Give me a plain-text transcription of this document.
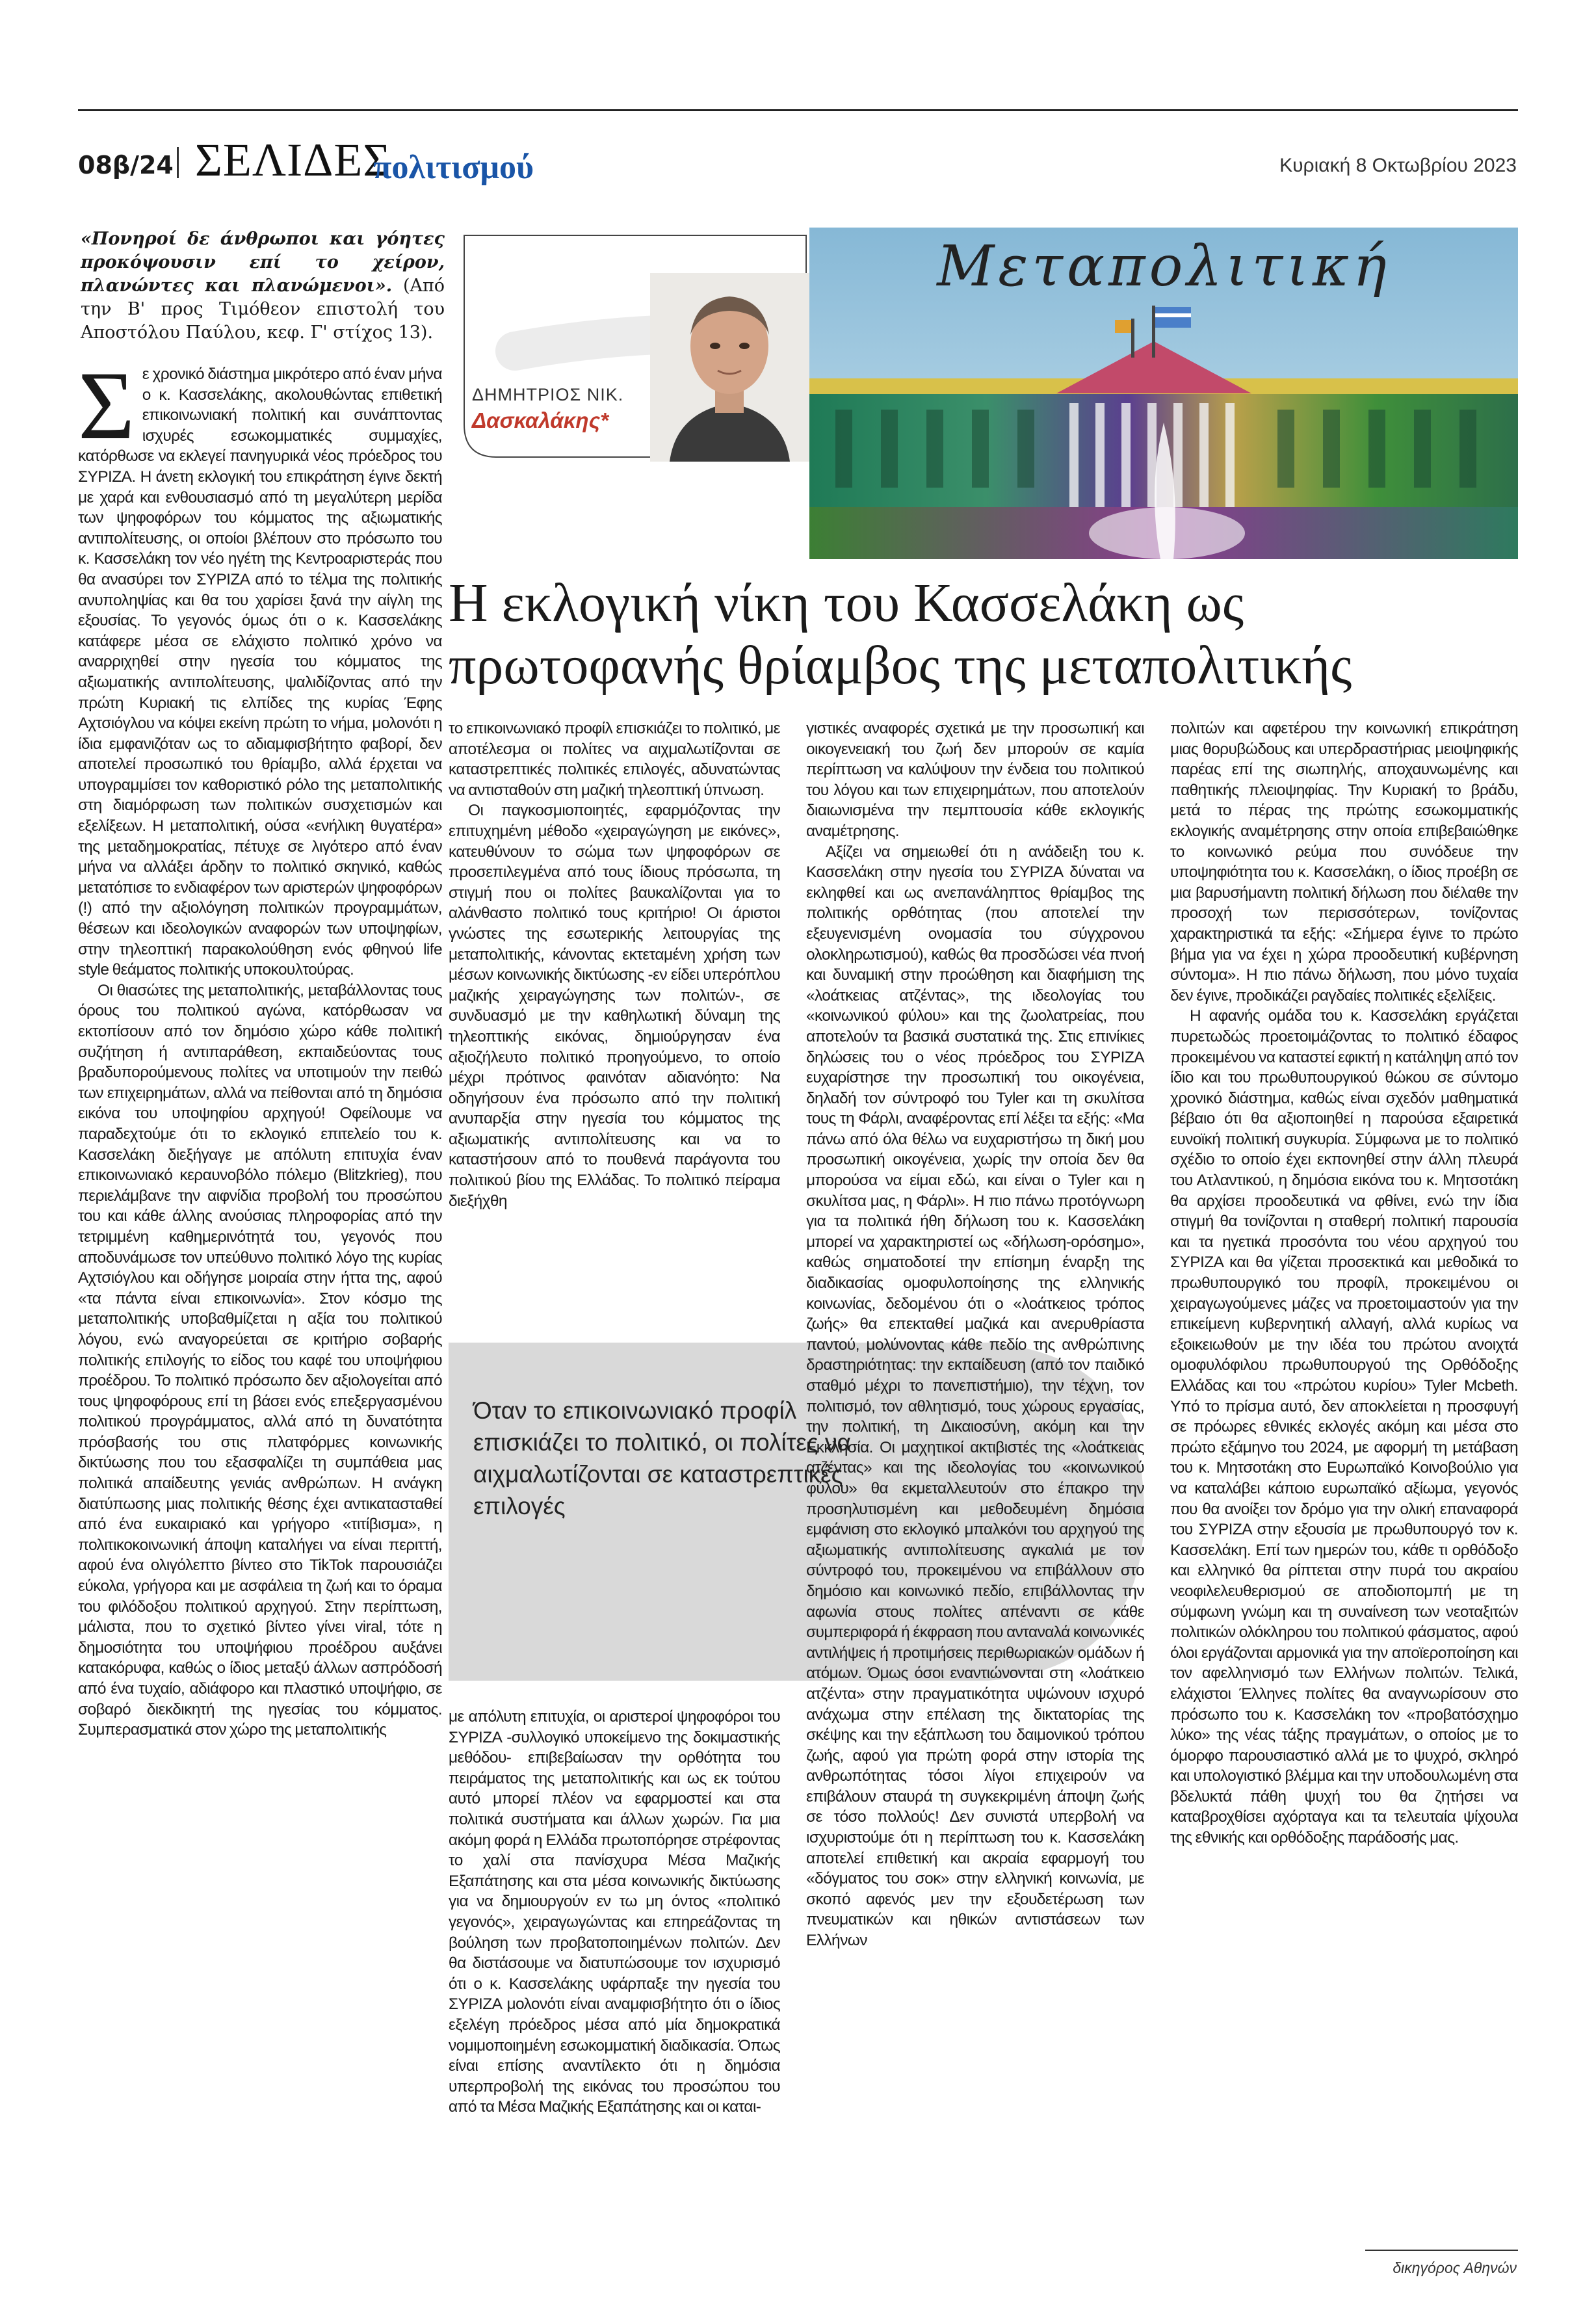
08β/24 ΣΕΛΙΔΕΣ
πολιτισμού	Κυριακή 8 Οκτωβρίου 2023
«Πονηροί δε άνθρωποι και γόητες προκόψουσιν επί το χείρον, πλανώντες και πλανώμενοι». (Από την Β' προς Τιμόθεον επιστολή του Αποστόλου Παύλου, κεφ. Γ' στίχος 13).
ΔΗΜΗΤΡΙΟΣ ΝΙΚ.
Δασκαλάκης*
Μεταπολιτική
Η εκλογική νίκη του Κασσελάκη ως
πρωτοφανής θρίαμβος της μεταπολιτικής

Σε χρονικό διάστημα μικρότερο από έναν μήνα ο κ. Κασσελάκης, ακολουθώντας επιθετική επικοινωνιακή πολιτική και συνάπτοντας ισχυρές εσωκομματικές συμμαχίες, κατόρθωσε να εκλεγεί πανηγυρικά νέος πρόεδρος του ΣΥΡΙΖΑ. Η άνετη εκλογική του επικράτηση έγινε δεκτή με χαρά και ενθουσιασμό από τη μεγαλύτερη μερίδα των ψηφοφόρων του κόμματος της αξιωματικής αντιπολίτευσης, οι οποίοι βλέπουν στο πρόσωπο του κ. Κασσελάκη τον νέο ηγέτη της Κεντροαριστεράς που θα ανασύρει τον ΣΥΡΙΖΑ από το τέλμα της πολιτικής ανυποληψίας και θα του χαρίσει ξανά την αίγλη της εξουσίας. Το γεγονός όμως ότι ο κ. Κασσελάκης κατάφερε μέσα σε ελάχιστο πολιτικό χρόνο να αναρριχηθεί στην ηγεσία του κόμματος της αξιωματικής αντιπολίτευσης, ψαλιδίζοντας από την πρώτη Κυριακή τις ελπίδες της κυρίας Έφης Αχτσιόγλου να κόψει εκείνη πρώτη το νήμα, μολονότι η ίδια εμφανιζόταν ως το αδιαμφισβήτητο φαβορί, δεν αποτελεί προσωπικό του θρίαμβο, αλλά έρχεται να υπογραμμίσει τον καθοριστικό ρόλο της μεταπολιτικής στη διαμόρφωση των πολιτικών συσχετισμών και εξελίξεων. Η μεταπολιτική, ούσα «ενήλικη θυγατέρα» της μεταδημοκρατίας, πέτυχε σε λιγότερο από έναν μήνα να αλλάξει άρδην το πολιτικό σκηνικό, καθώς μετατόπισε το ενδιαφέρον των αριστερών ψηφοφόρων (!) από την αξιολόγηση πολιτικών προγραμμάτων, θέσεων και ιδεολογικών αναφορών των υποψηφίων, στην τηλεοπτική παρακολούθηση ενός φθηνού life style θεάματος πολιτικής υποκουλτούρας.

Οι θιασώτες της μεταπολιτικής, μεταβάλλοντας τους όρους του πολιτικού αγώνα, κατόρθωσαν να εκτοπίσουν από τον δημόσιο χώρο κάθε πολιτική συζήτηση ή αντιπαράθεση, εκπαιδεύοντας τους βραδυπορούμενους πολίτες να υποτιμούν την πειθώ των επιχειρημάτων, αλλά να πείθονται από τη δημόσια εικόνα του υποψηφίου αρχηγού! Οφείλουμε να παραδεχτούμε ότι το εκλογικό επιτελείο του κ. Κασσελάκη διεξήγαγε με απόλυτη επιτυχία έναν επικοινωνιακό κεραυνοβόλο πόλεμο (Blitzkrieg), που περιελάμβανε την αιφνίδια προβολή του προσώπου του και κάθε άλλης ανούσιας πληροφορίας από την τετριμμένη καθημερινότητά του, γεγονός που αποδυνάμωσε τον υπεύθυνο πολιτικό λόγο της κυρίας Αχτσιόγλου και οδήγησε μοιραία στην ήττα της, αφού «τα πάντα είναι επικοινωνία». Στον κόσμο της μεταπολιτικής υποβαθμίζεται η αξία του πολιτικού λόγου, ενώ αναγορεύεται σε κριτήριο σοβαρής πολιτικής επιλογής το είδος του καφέ του υποψήφιου προέδρου. Το πολιτικό πρόσωπο δεν αξιολογείται από τους ψηφοφόρους επί τη βάσει ενός επεξεργασμένου πολιτικού προγράμματος, αλλά από τη δυνατότητα πρόσβασής του στις πλατφόρμες κοινωνικής δικτύωσης που του εξασφαλίζει τη συμπάθεια μας πολιτικά απαίδευτης γενιάς ανθρώπων. Η ανάγκη διατύπωσης μιας πολιτικής θέσης έχει αντικατασταθεί από ένα ευκαιριακό και γρήγορο «τιτίβισμα», η πολιτικοκοινωνική άποψη καταλήγει να είναι περιττή, αφού ένα ολιγόλεπτο βίντεο στο TikTok παρουσιάζει εύκολα, γρήγορα και με ασφάλεια τη ζωή και το όραμα του φιλόδοξου πολιτικού αρχηγού. Στην περίπτωση, μάλιστα, που το σχετικό βίντεο γίνει viral, τότε η δημοσιότητα του υποψήφιου προέδρου αυξάνει κατακόρυφα, καθώς ο ίδιος μεταξύ άλλων ασπρόδοσή από ένα τυχαίο, αδιάφορο και πλαστικό υποψήφιο, σε σοβαρό διεκδικητή της ηγεσίας του κόμματος. Συμπερασματικά στον χώρο της μεταπολιτικής

το επικοινωνιακό προφίλ επισκιάζει το πολιτικό, με αποτέλεσμα οι πολίτες να αιχμαλωτίζονται σε καταστρεπτικές πολιτικές επιλογές, αδυνατώντας να αντισταθούν στη μαζική τηλεοπτική ύπνωση.

Οι παγκοσμιοποιητές, εφαρμόζοντας την επιτυχημένη μέθοδο «χειραγώγηση με εικόνες», κατευθύνουν το σώμα των ψηφοφόρων σε προσεπιλεγμένα από τους ίδιους πρόσωπα, τη στιγμή που οι πολίτες βαυκαλίζονται για το αλάνθαστο πολιτικό τους κριτήριο! Οι άριστοι γνώστες της εσωτερικής λειτουργίας της μεταπολιτικής, κάνοντας εκτεταμένη χρήση των μέσων κοινωνικής δικτύωσης -εν είδει υπερόπλου μαζικής χειραγώγησης των πολιτών-, σε συνδυασμό με την καθηλωτική δύναμη της τηλεοπτικής εικόνας, δημιούργησαν ένα αξιοζήλευτο πολιτικό προηγούμενο, το οποίο μέχρι πρότινος φαινόταν αδιανόητο: Να οδηγήσουν ένα πρόσωπο από την πολιτική ανυπαρξία στην ηγεσία του κόμματος της αξιωματικής αντιπολίτευσης και να το καταστήσουν από το πουθενά παράγοντα του πολιτικού βίου της Ελλάδας. Το πολιτικό πείραμα διεξήχθη

Όταν το επικοινωνιακό προφίλ επισκιάζει το πολιτικό, οι πολίτες να αιχμαλωτίζονται σε καταστρεπτικές επιλογές

με απόλυτη επιτυχία, οι αριστεροί ψηφοφόροι του ΣΥΡΙΖΑ -συλλογικό υποκείμενο της δοκιμαστικής μεθόδου- επιβεβαίωσαν την ορθότητα του πειράματος της μεταπολιτικής και ως εκ τούτου αυτό μπορεί πλέον να εφαρμοστεί και στα πολιτικά συστήματα και άλλων χωρών. Για μια ακόμη φορά η Ελλάδα πρωτοπόρησε στρέφοντας το χαλί στα πανίσχυρα Μέσα Μαζικής Εξαπάτησης και στα μέσα κοινωνικής δικτύωσης για να δημιουργούν εν τω μη όντος «πολιτικό γεγονός», χειραγωγώντας και επηρεάζοντας τη βούληση των προβατοποιημένων πολιτών. Δεν θα διστάσουμε να διατυπώσουμε τον ισχυρισμό ότι ο κ. Κασσελάκης υφάρπαξε την ηγεσία του ΣΥΡΙΖΑ μολονότι είναι αναμφισβήτητο ότι ο ίδιος εξελέγη πρόεδρος μέσα από μία δημοκρατικά νομιμοποιημένη εσωκομματική διαδικασία. Όπως είναι επίσης αναντίλεκτο ότι η δημόσια υπερπροβολή της εικόνας του προσώπου του από τα Μέσα Μαζικής Εξαπάτησης και οι καται-

γιστικές αναφορές σχετικά με την προσωπική και οικογενειακή του ζωή δεν μπορούν σε καμία περίπτωση να καλύψουν την ένδεια του πολιτικού του λόγου και των επιχειρημάτων, που αποτελούν διαιωνισμένα την πεμπτουσία κάθε εκλογικής αναμέτρησης.

Αξίζει να σημειωθεί ότι η ανάδειξη του κ. Κασσελάκη στην ηγεσία του ΣΥΡΙΖΑ δύναται να εκληφθεί και ως ανεπανάληπτος θρίαμβος της πολιτικής ορθότητας (που αποτελεί την εξευγενισμένη ονομασία του σύγχρονου ολοκληρωτισμού), καθώς θα προσδώσει νέα πνοή και δυναμική στην προώθηση και διαφήμιση της «λοάτκειας ατζέντας», της ιδεολογίας του «κοινωνικού φύλου» και της ζωολατρείας, που αποτελούν τα βασικά συστατικά της. Στις επινίκιες δηλώσεις του ο νέος πρόεδρος του ΣΥΡΙΖΑ ευχαρίστησε την προσωπική του οικογένεια, δηλαδή τον σύντροφό του Tyler και τη σκυλίτσα τους τη Φάρλι, αναφέροντας επί λέξει τα εξής: «Μα πάνω από όλα θέλω να ευχαριστήσω τη δική μου προσωπική οικογένεια, χωρίς την οποία δεν θα μπορούσα να είμαι εδώ, και είναι ο Tyler και η σκυλίτσα μας, η Φάρλι». Η πιο πάνω προτόγνωρη για τα πολιτικά ήθη δήλωση του κ. Κασσελάκη μπορεί να χαρακτηριστεί ως «δήλωση-ορόσημο», καθώς σηματοδοτεί την επίσημη έναρξη της διαδικασίας ομοφυλοποίησης της ελληνικής κοινωνίας, δεδομένου ότι ο «λοάτκειος τρόπος ζωής» θα επεκταθεί μαζικά και ανερυθρίαστα παντού, μολύνοντας κάθε πεδίο της ανθρώπινης δραστηριότητας: την εκπαίδευση (από τον παιδικό σταθμό μέχρι το πανεπιστήμιο), την τέχνη, τον πολιτισμό, τον αθλητισμό, τους χώρους εργασίας, την πολιτική, τη Δικαιοσύνη, ακόμη και την Εκκλησία. Οι μαχητικοί ακτιβιστές της «λοάτκειας ατζέντας» και της ιδεολογίας του «κοινωνικού φύλου» θα εκμεταλλευτούν στο έπακρο την προσηλυτισμένη και μεθοδευμένη δημόσια εμφάνιση στο εκλογικό μπαλκόνι του αρχηγού της αξιωματικής αντιπολίτευσης αγκαλιά με τον σύντροφό του, προκειμένου να επιβάλλουν στο δημόσιο και κοινωνικό πεδίο, επιβάλλοντας την αφωνία στους πολίτες απέναντι σε κάθε συμπεριφορά ή έκφραση που ανταναλά κοινωνικές αντιλήψεις ή προτιμήσεις περιθωριακών ομάδων ή ατόμων. Όμως όσοι εναντιώνονται στη «λοάτκειο ατζέντα» στην πραγματικότητα υψώνουν ισχυρό ανάχωμα στην επέλαση της δικτατορίας της σκέψης και την εξάπλωση του δαιμονικού τρόπου ζωής, αφού για πρώτη φορά στην ιστορία της ανθρωπότητας τόσοι λίγοι επιχειρούν να επιβάλουν σταυρά τη συγκεκριμένη άποψη ζωής σε τόσο πολλούς! Δεν συνιστά υπερβολή να ισχυριστούμε ότι η περίπτωση του κ. Κασσελάκη αποτελεί επιθετική και ακραία εφαρμογή του «δόγματος του σοκ» στην ελληνική κοινωνία, με σκοπό αφενός μεν την εξουδετέρωση των πνευματικών και ηθικών αντιστάσεων των Ελλήνων

πολιτών και αφετέρου την κοινωνική επικράτηση μιας θορυβώδους και υπερδραστήριας μειοψηφικής παρέας επί της σιωπηλής, αποχαυνωμένης και παθητικής πλειοψηφίας. Την Κυριακή το βράδυ, μετά το πέρας της πρώτης εσωκομματικής εκλογικής αναμέτρησης στην οποία επιβεβαιώθηκε το κοινωνικό ρεύμα που συνόδευε την υποψηφιότητα του κ. Κασσελάκη, ο ίδιος προέβη σε μια βαρυσήμαντη πολιτική δήλωση που διέλαθε την προσοχή των περισσότερων, τονίζοντας χαρακτηριστικά τα εξής: «Σήμερα έγινε το πρώτο βήμα για να έχει η χώρα προοδευτική κυβέρνηση σύντομα». Η πιο πάνω δήλωση, που μόνο τυχαία δεν έγινε, προδικάζει ραγδαίες πολιτικές εξελίξεις.

Η αφανής ομάδα του κ. Κασσελάκη εργάζεται πυρετωδώς προετοιμάζοντας το πολιτικό έδαφος προκειμένου να καταστεί εφικτή η κατάληψη από τον ίδιο και του πρωθυπουργικού θώκου σε σύντομο χρονικό διάστημα, καθώς είναι σχεδόν μαθηματικά βέβαιο ότι θα αξιοποιηθεί η παρούσα εξαιρετικά ευνοϊκή πολιτική συγκυρία. Σύμφωνα με το πολιτικό σχέδιο το οποίο έχει εκπονηθεί στην άλλη πλευρά του Ατλαντικού, η δημόσια εικόνα του κ. Μητσοτάκη θα αρχίσει προοδευτικά να φθίνει, ενώ την ίδια στιγμή θα τονίζονται η σταθερή πολιτική παρουσία και τα ηγετικά προσόντα του νέου αρχηγού του ΣΥΡΙΖΑ και θα γίζεται προσεκτικά και μεθοδικά το πρωθυπουργικό του προφίλ, προκειμένου οι χειραγωγούμενες μάζες να προετοιμαστούν για την επικείμενη κυβερνητική αλλαγή, αλλά κυρίως να εξοικειωθούν με την ιδέα του πρώτου ανοιχτά ομοφυλόφιλου πρωθυπουργού της Ορθόδοξης Ελλάδας και του «πρώτου κυρίου» Tyler Mcbeth. Υπό το πρίσμα αυτό, δεν αποκλείεται η προσφυγή σε πρόωρες εθνικές εκλογές ακόμη και μέσα στο πρώτο εξάμηνο του 2024, με αφορμή τη μετάβαση του κ. Μητσοτάκη στο Ευρωπαϊκό Κοινοβούλιο για να καταλάβει κάποιο ευρωπαϊκό αξίωμα, γεγονός που θα ανοίξει τον δρόμο για την ολική επαναφορά του ΣΥΡΙΖΑ στην εξουσία με πρωθυπουργό τον κ. Κασσελάκη. Επί των ημερών του, κάθε τι ορθόδοξο και ελληνικό θα ρίπτεται στην πυρά του ακραίου νεοφιλελευθερισμού σε αποδιοπομπή με τη σύμφωνη γνώμη και τη συναίνεση των νεοταξιτών πολιτικών ολόκληρου του πολιτικού φάσματος, αφού όλοι εργάζονται αρμονικά για την αποϊεροποίηση και τον αφελληνισμό των Ελλήνων πολιτών. Τελικά, ελάχιστοι Έλληνες πολίτες θα αναγνωρίσουν στο πρόσωπο του κ. Κασσελάκη τον «προβατόσχημο λύκο» της νέας τάξης πραγμάτων, ο οποίος με το όμορφο παρουσιαστικό αλλά με το ψυχρό, σκληρό και υπολογιστικό βλέμμα και την υποδουλωμένη στα βδελυκτά πάθη ψυχή του θα ζητήσει να καταβροχθίσει αχόρταγα και τα τελευταία ψίχουλα της εθνικής και ορθόδοξης παράδοσής μας.

δικηγόρος Αθηνών
